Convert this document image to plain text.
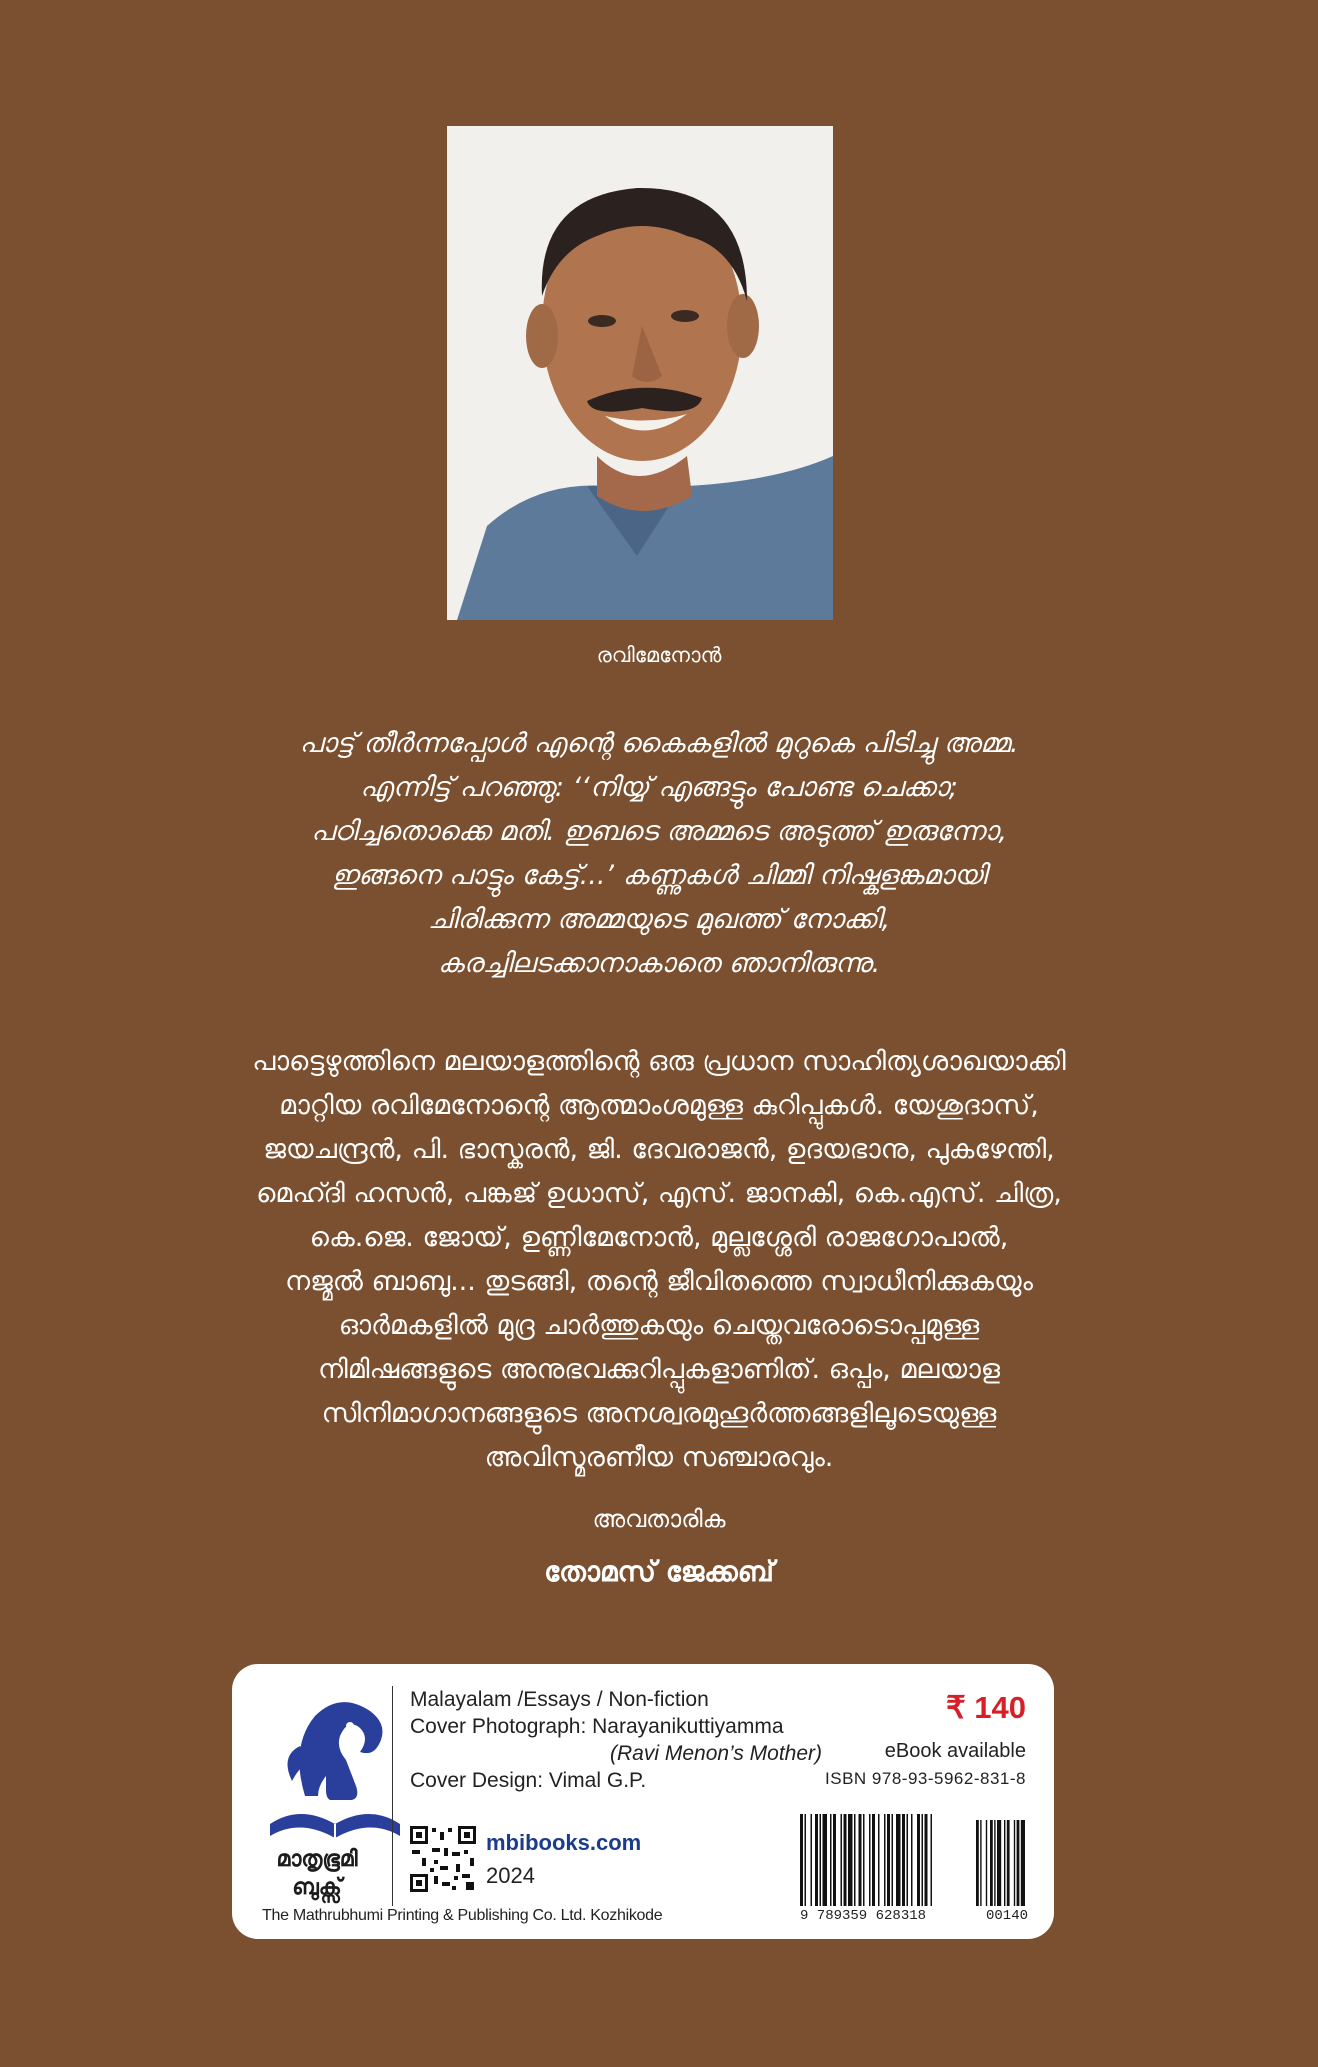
രവിമേനോൻ
പാട്ട് തീർന്നപ്പോൾ എന്റെ കൈകളിൽ മുറുകെ പിടിച്ചു അമ്മ.
എന്നിട്ട് പറഞ്ഞു: ‘‘നിയ്യ് എങ്ങട്ടും പോണ്ട ചെക്കാ;
പഠിച്ചതൊക്കെ മതി. ഇബടെ അമ്മടെ അടുത്ത് ഇരുന്നോ,
ഇങ്ങനെ പാട്ടും കേട്ട്...’ കണ്ണുകൾ ചിമ്മി നിഷ്കളങ്കമായി
ചിരിക്കുന്ന അമ്മയുടെ മുഖത്ത് നോക്കി,
കരച്ചിലടക്കാനാകാതെ ഞാനിരുന്നു.
പാട്ടെഴുത്തിനെ മലയാളത്തിന്റെ ഒരു പ്രധാന സാഹിത്യശാഖയാക്കി
മാറ്റിയ രവിമേനോന്റെ ആത്മാംശമുള്ള കുറിപ്പുകൾ. യേശുദാസ്,
ജയചന്ദ്രൻ, പി. ഭാസ്കരൻ, ജി. ദേവരാജൻ, ഉദയഭാനു, പുകഴേന്തി,
മെഹ്ദി ഹസൻ, പങ്കജ് ഉധാസ്, എസ്. ജാനകി, കെ.എസ്. ചിത്ര,
കെ.ജെ. ജോയ്, ഉണ്ണിമേനോൻ, മുല്ലശ്ശേരി രാജഗോപാൽ,
നജ്മൽ ബാബു... തുടങ്ങി, തന്റെ ജീവിതത്തെ സ്വാധീനിക്കുകയും
ഓർമകളിൽ മുദ്ര ചാർത്തുകയും ചെയ്തവരോടൊപ്പമുള്ള
നിമിഷങ്ങളുടെ അനുഭവക്കുറിപ്പുകളാണിത്. ഒപ്പം, മലയാള
സിനിമാഗാനങ്ങളുടെ അനശ്വരമുഹൂർത്തങ്ങളിലൂടെയുള്ള
അവിസ്മരണീയ സഞ്ചാരവും.
അവതാരിക
തോമസ് ജേക്കബ്
മാതൃഭൂമി
ബുക്സ്
The Mathrubhumi Printing & Publishing Co. Ltd. Kozhikode
Malayalam /Essays / Non-fiction
Cover Photograph: Narayanikuttiyamma
(Ravi Menon’s Mother)
Cover Design: Vimal G.P.
mbibooks.com
2024
₹ 140
eBook available
ISBN 978-93-5962-831-8
9 789359 628318	00140
